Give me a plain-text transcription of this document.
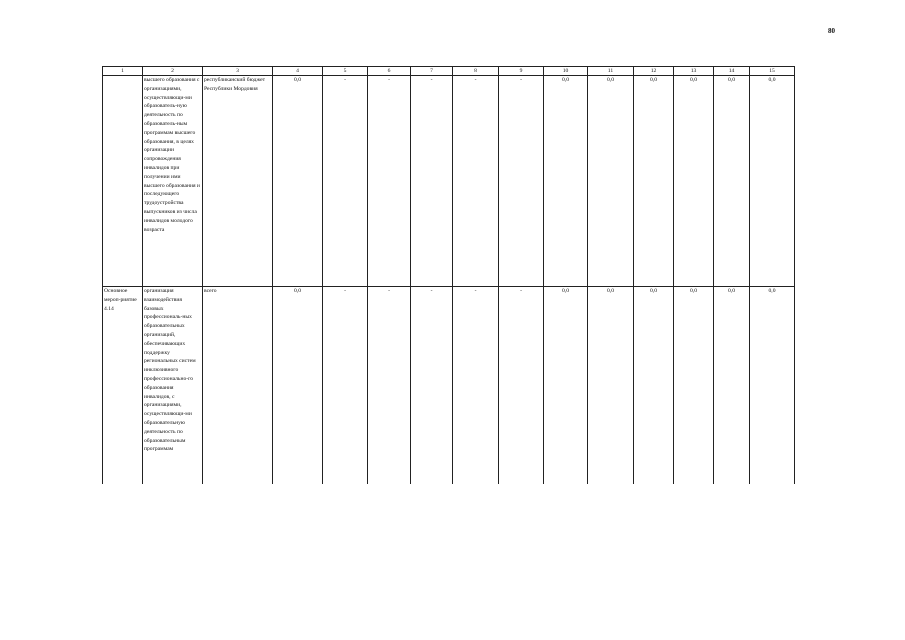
80
1	2	3	4	5	6	7	8	9	10	11	12	13	14	15
	высшего образования с организациями, осуществляющи-ми образователь-ную деятельность по образователь-ным программам высшего образования, в целях организации сопровождения инвалидов при получении ими высшего образования и последующего трудоустройства выпускников из числа инвалидов молодого возраста	республиканский бюджет Республики Мордовия	0,0	-	-	-	-	-	0,0	0,0	0,0	0,0	0,0	0,0
Основное мероп-риятие 4.14	организация взаимодействия базовых профессиональ-ных образовательных организаций, обеспечивающих поддержку региональных систем инклюзивного профессионально-го образования инвалидов, с организациями, осуществляющи-ми образовательную деятельность по образовательным программам	всего	0,0	-	-	-	-	-	0,0	0,0	0,0	0,0	0,0	0,0
